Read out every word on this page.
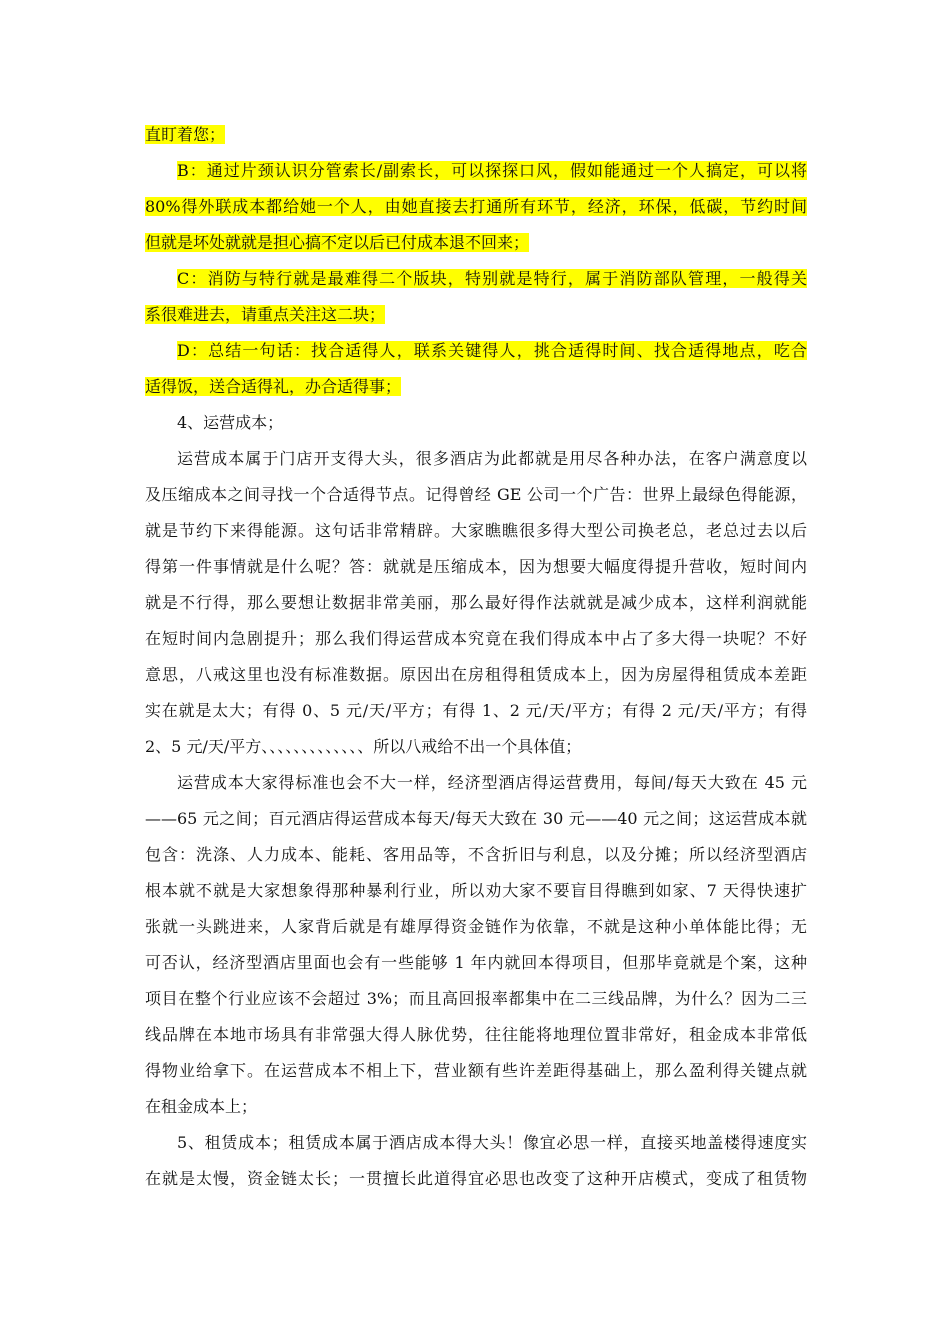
直盯着您；
B：通过片颈认识分管索长/副索长，可以探探口风，假如能通过一个人搞定，可以将
80%得外联成本都给她一个人，由她直接去打通所有环节，经济，环保，低碳，节约时间
但就是坏处就就是担心搞不定以后已付成本退不回来；
C：消防与特行就是最难得二个版块，特别就是特行，属于消防部队管理，一般得关
系很难进去，请重点关注这二块；
D：总结一句话：找合适得人，联系关键得人，挑合适得时间、找合适得地点，吃合
适得饭，送合适得礼，办合适得事；
4、运营成本；
运营成本属于门店开支得大头，很多酒店为此都就是用尽各种办法，在客户满意度以
及压缩成本之间寻找一个合适得节点。记得曾经 GE 公司一个广告：世界上最绿色得能源，
就是节约下来得能源。这句话非常精辟。大家瞧瞧很多得大型公司换老总，老总过去以后
得第一件事情就是什么呢？答：就就是压缩成本，因为想要大幅度得提升营收，短时间内
就是不行得，那么要想让数据非常美丽，那么最好得作法就就是减少成本，这样利润就能
在短时间内急剧提升；那么我们得运营成本究竟在我们得成本中占了多大得一块呢？不好
意思，八戒这里也没有标准数据。原因出在房租得租赁成本上，因为房屋得租赁成本差距
实在就是太大；有得 0、5 元/天/平方；有得 1、2 元/天/平方；有得 2 元/天/平方；有得
2、5 元/天/平方、、、、、、、、、、、、、所以八戒给不出一个具体值；
运营成本大家得标准也会不大一样，经济型酒店得运营费用，每间/每天大致在 45 元
——65 元之间；百元酒店得运营成本每天/每天大致在 30 元——40 元之间；这运营成本就
包含：洗涤、人力成本、能耗、客用品等，不含折旧与利息，以及分摊；所以经济型酒店
根本就不就是大家想象得那种暴利行业，所以劝大家不要盲目得瞧到如家、7 天得快速扩
张就一头跳进来，人家背后就是有雄厚得资金链作为依靠，不就是这种小单体能比得；无
可否认，经济型酒店里面也会有一些能够 1 年内就回本得项目，但那毕竟就是个案，这种
项目在整个行业应该不会超过 3%；而且高回报率都集中在二三线品牌，为什么？因为二三
线品牌在本地市场具有非常强大得人脉优势，往往能将地理位置非常好，租金成本非常低
得物业给拿下。在运营成本不相上下，营业额有些许差距得基础上，那么盈利得关键点就
在租金成本上；
5、租赁成本；租赁成本属于酒店成本得大头！像宜必思一样，直接买地盖楼得速度实
在就是太慢，资金链太长；一贯擅长此道得宜必思也改变了这种开店模式，变成了租赁物
